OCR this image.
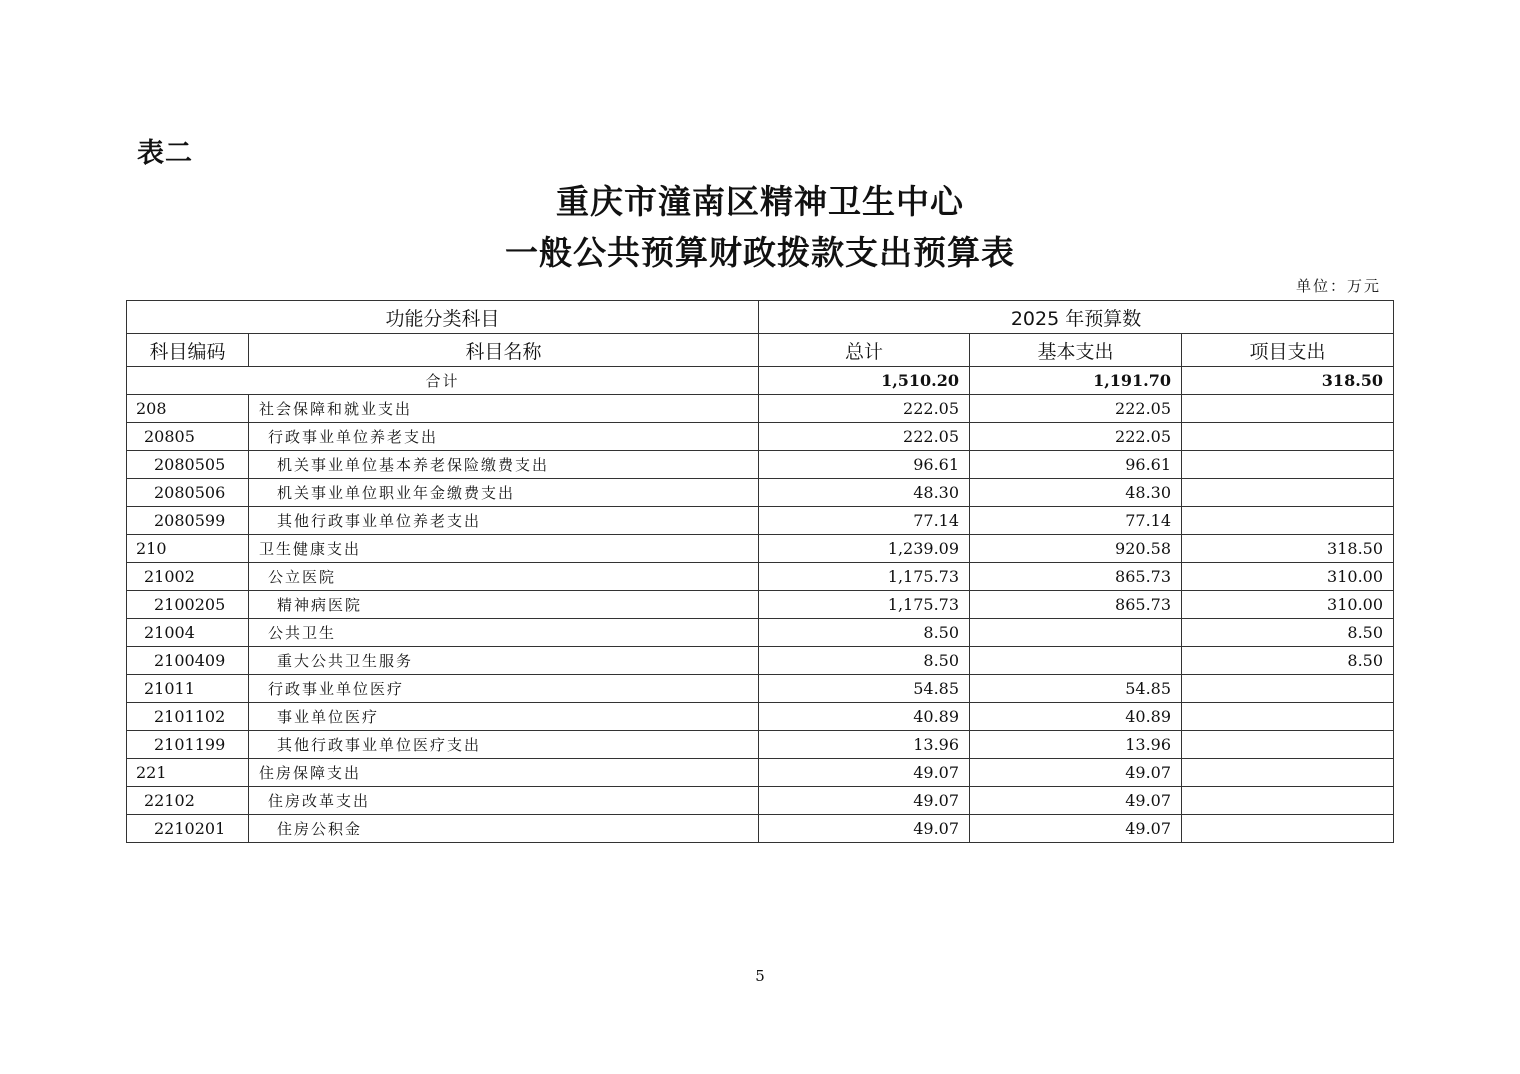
表二
重庆市潼南区精神卫生中心
一般公共预算财政拨款支出预算表
单位：万元
功能分类科目		2025 年预算数		
科目编码	科目名称	总计	基本支出	项目支出
合计		1,510.20	1,191.70	318.50
208	社会保障和就业支出	222.05	222.05	
20805	行政事业单位养老支出	222.05	222.05	
2080505	机关事业单位基本养老保险缴费支出	96.61	96.61	
2080506	机关事业单位职业年金缴费支出	48.30	48.30	
2080599	其他行政事业单位养老支出	77.14	77.14	
210	卫生健康支出	1,239.09	920.58	318.50
21002	公立医院	1,175.73	865.73	310.00
2100205	精神病医院	1,175.73	865.73	310.00
21004	公共卫生	8.50		8.50
2100409	重大公共卫生服务	8.50		8.50
21011	行政事业单位医疗	54.85	54.85	
2101102	事业单位医疗	40.89	40.89	
2101199	其他行政事业单位医疗支出	13.96	13.96	
221	住房保障支出	49.07	49.07	
22102	住房改革支出	49.07	49.07	
2210201	住房公积金	49.07	49.07	
5
